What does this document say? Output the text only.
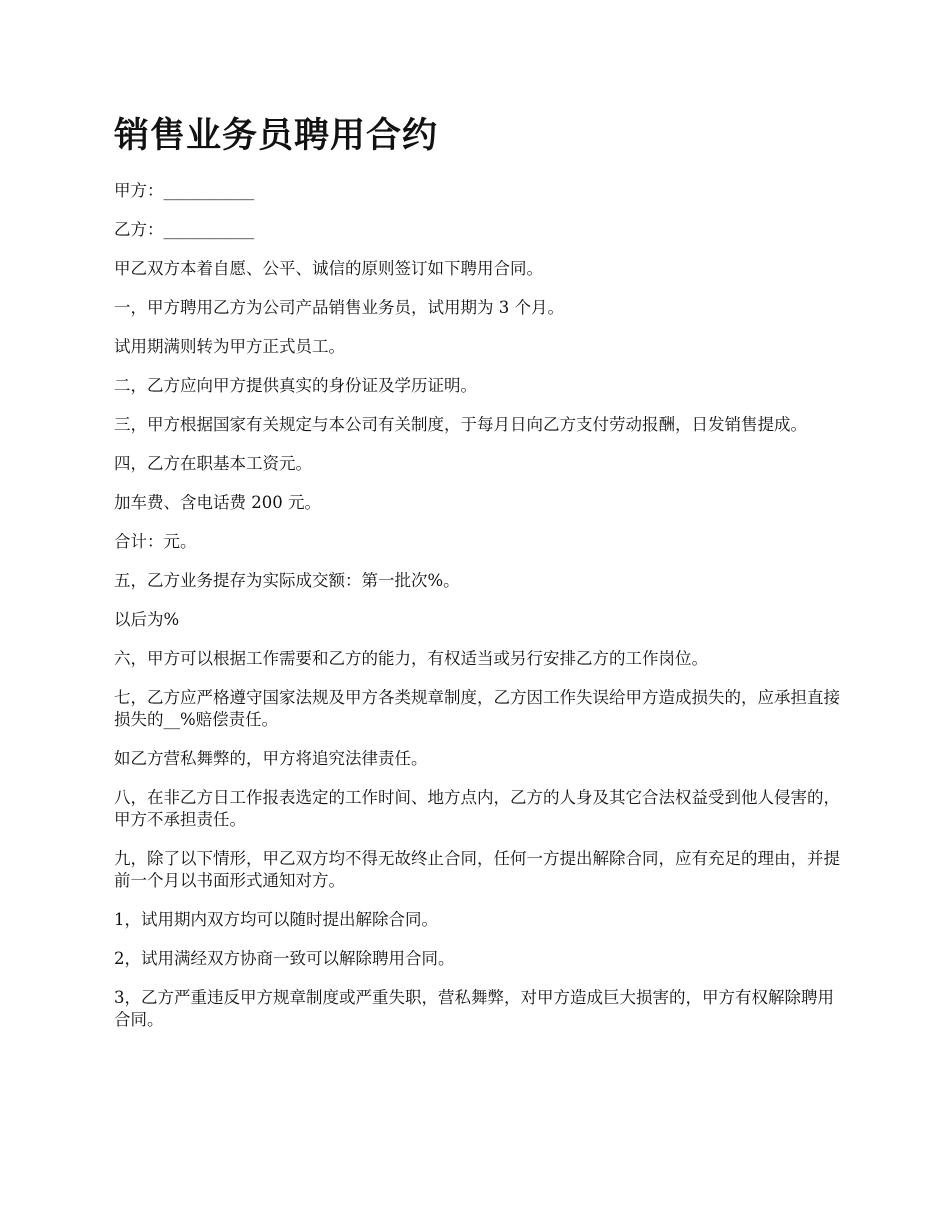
销售业务员聘用合约

甲方：___________

乙方：___________

甲乙双方本着自愿、公平、诚信的原则签订如下聘用合同。

一，甲方聘用乙方为公司产品销售业务员，试用期为 3 个月。

试用期满则转为甲方正式员工。

二，乙方应向甲方提供真实的身份证及学历证明。

三，甲方根据国家有关规定与本公司有关制度，于每月日向乙方支付劳动报酬，日发销售提成。

四，乙方在职基本工资元。

加车费、含电话费 200 元。

合计：元。

五，乙方业务提存为实际成交额：第一批次%。

以后为%

六，甲方可以根据工作需要和乙方的能力，有权适当或另行安排乙方的工作岗位。

七，乙方应严格遵守国家法规及甲方各类规章制度，乙方因工作失误给甲方造成损失的，应承担直接损失的__%赔偿责任。

如乙方营私舞弊的，甲方将追究法律责任。

八，在非乙方日工作报表选定的工作时间、地方点内，乙方的人身及其它合法权益受到他人侵害的，甲方不承担责任。

九，除了以下情形，甲乙双方均不得无故终止合同，任何一方提出解除合同，应有充足的理由，并提前一个月以书面形式通知对方。

1，试用期内双方均可以随时提出解除合同。

2，试用满经双方协商一致可以解除聘用合同。

3，乙方严重违反甲方规章制度或严重失职，营私舞弊，对甲方造成巨大损害的，甲方有权解除聘用合同。
